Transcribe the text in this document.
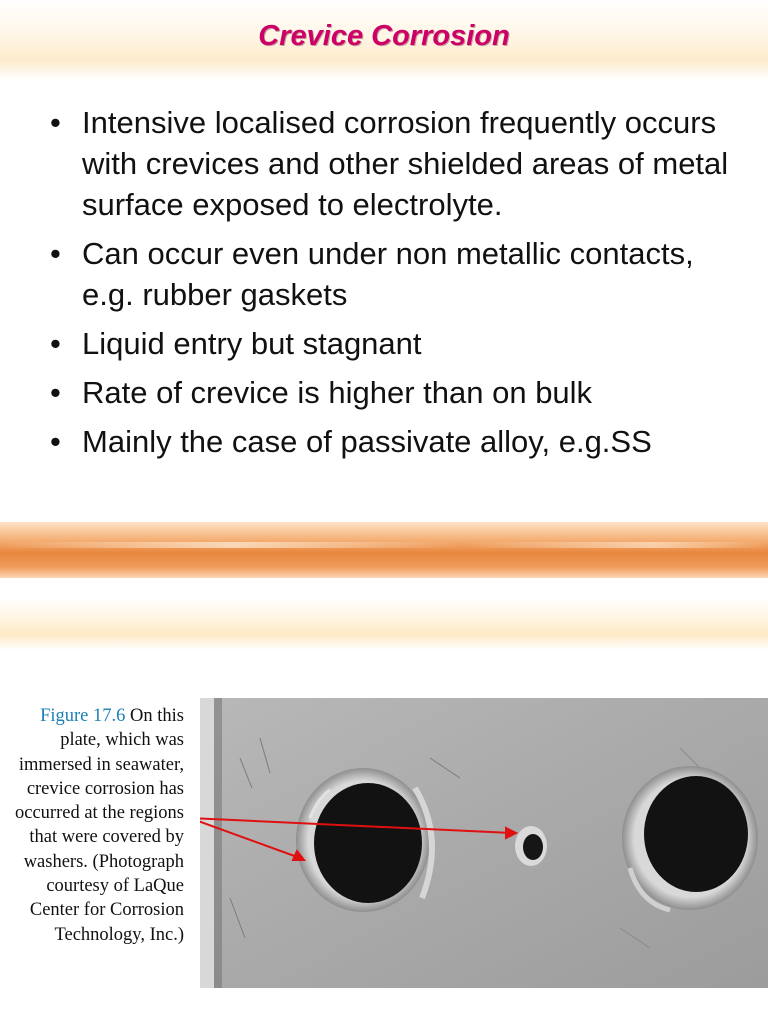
Crevice Corrosion
• Intensive localised corrosion frequently occurs with crevices and other shielded areas of metal surface exposed to electrolyte.
• Can occur even under non metallic contacts, e.g. rubber gaskets
• Liquid entry but stagnant
• Rate of crevice is higher than on bulk
• Mainly the case of passivate alloy, e.g.SS
Figure 17.6 On this plate, which was immersed in seawater, crevice corrosion has occurred at the regions that were covered by washers. (Photograph courtesy of LaQue Center for Corrosion Technology, Inc.)
